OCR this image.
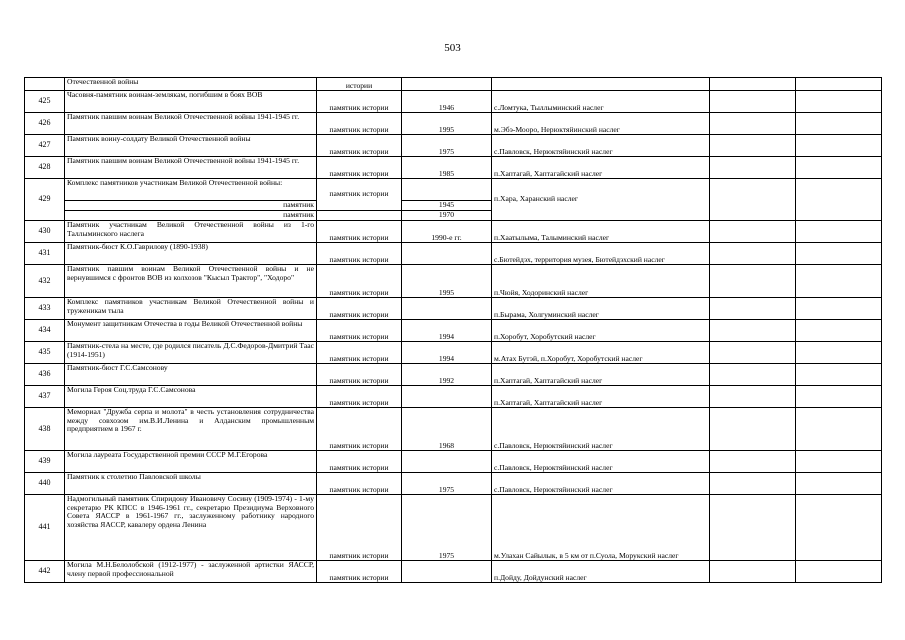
503
	Отечественной войны	истории				
425	Часовня-памятник воинам-землякам, погибшим в боях ВОВ	памятник истории	1946	с.Ломтука, Тыллыминский наслег		
426	Памятник павшим воинам Великой Отечественной войны 1941-1945 гг.	памятник истории	1995	м.Эбэ-Мооро, Нерюктяйинский наслег		
427	Памятник воину-солдату Великой Отечественной войны	памятник истории	1975	с.Павловск, Нерюктяйинский наслег		
428	Памятник павшим воинам Великой Отечественной войны 1941-1945 гг.	памятник истории	1985	п.Хаптагай, Хаптагайский наслег		
429	Комплекс памятников участникам Великой Отечественной войны:	памятник истории		п.Хара, Харанский наслег		
	памятник		1945			
	памятник		1970			
430	Памятник участникам Великой Отечественной войны из 1-го Таллыминского наслега	памятник истории	1990-е гг.	п.Хаатылыма, Талыминский наслег		
431	Памятник-бюст К.О.Гаврилову (1890-1938)	памятник истории		с.Бютейдэх, территория музея, Бютейдэхский наслег		
432	Памятник павшим воинам Великой Отечественной войны и не вернувшимся с фронтов ВОВ из колхозов "Кысыл Трактор", "Ходоро"	памятник истории	1995	п.Чюйя, Ходоринский наслег		
433	Комплекс памятников участникам Великой Отечественной войны и труженикам тыла	памятник истории		п.Бырама, Холгуминский наслег		
434	Монумент защитникам Отечества в годы Великой Отечественной войны	памятник истории	1994	п.Хоробут, Хоробутский наслег		
435	Памятник-стела на месте, где родился писатель Д.С.Федоров-Дмитрий Таас (1914-1951)	памятник истории	1994	м.Атах Бутэй, п.Хоробут, Хоробутский наслег		
436	Памятник-бюст Г.С.Самсонову	памятник истории	1992	п.Хаптагай, Хаптагайский наслег		
437	Могила Героя Соц.труда Г.С.Самсонова	памятник истории		п.Хаптагай, Хаптагайский наслег		
438	Мемориал "Дружба серпа и молота" в честь установления сотрудничества между совхозом им.В.И.Ленина и Алданским промышленным предприятием в 1967 г.	памятник истории	1968	с.Павловск, Нерюктяйинский наслег		
439	Могила лауреата Государственной премии СССР М.Г.Егорова	памятник истории		с.Павловск, Нерюктяйинский наслег		
440	Памятник к столетию Павловской школы	памятник истории	1975	с.Павловск, Нерюктяйинский наслег		
441	Надмогильный памятник Спиридону Ивановичу Сосину (1909-1974) - 1-му секретарю РК КПСС в 1946-1961 гг., секретарю Президиума Верховного Совета ЯАССР в 1961-1967 гг., заслуженному работнику народного хозяйства ЯАССР, кавалеру ордена Ленина	памятник истории	1975	м.Улахан Сайылык, в 5 км от п.Суола, Морукский наслег		
442	Могила М.Н.Белолобской (1912-1977) - заслуженной артистки ЯАССР, члену первой профессиональной	памятник истории		п.Дойду, Дойдунский наслег		
